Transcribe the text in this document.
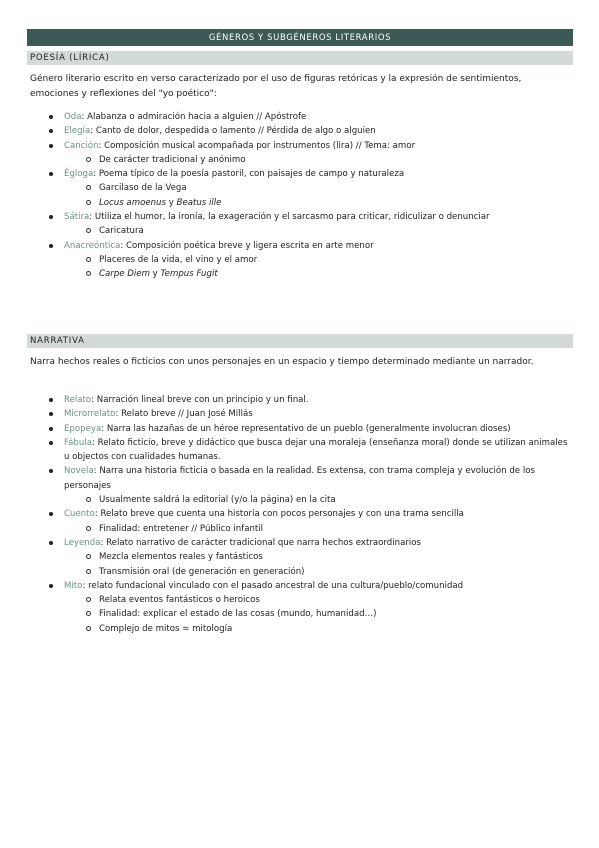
GÉNEROS Y SUBGÉNEROS LITERARIOS
POESÍA (LÍRICA)
Género literario escrito en verso caracterizado por el uso de figuras retóricas y la expresión de sentimientos, emociones y reflexiones del "yo poético":
Oda: Alabanza o admiración hacia a alguien // Apóstrofe
Elegía: Canto de dolor, despedida o lamento // Pérdida de algo o alguien
Canción: Composición musical acompañada por instrumentos (lira) // Tema: amor
De carácter tradicional y anónimo
Égloga: Poema típico de la poesía pastoril, con paisajes de campo y naturaleza
Garcilaso de la Vega
Locus amoenus y Beatus ille
Sátira: Utiliza el humor, la ironía, la exageración y el sarcasmo para criticar, ridiculizar o denunciar
Caricatura
Anacreóntica: Composición poética breve y ligera escrita en arte menor
Placeres de la vida, el vino y el amor
Carpe Diem y Tempus Fugit
NARRATIVA
Narra hechos reales o ficticios con unos personajes en un espacio y tiempo determinado mediante un narrador.
Relato: Narración lineal breve con un principio y un final.
Microrrelato: Relato breve // Juan José Millás
Epopeya: Narra las hazañas de un héroe representativo de un pueblo (generalmente involucran dioses)
Fábula: Relato ficticio, breve y didáctico que busca dejar una moraleja (enseñanza moral) donde se utilizan animales u objectos con cualidades humanas.
Novela: Narra una historia ficticia o basada en la realidad. Es extensa, con trama compleja y evolución de los personajes
Usualmente saldrá la editorial (y/o la página) en la cita
Cuento: Relato breve que cuenta una historia con pocos personajes y con una trama sencilla
Finalidad: entretener // Público infantil
Leyenda: Relato narrativo de carácter tradicional que narra hechos extraordinarios
Mezcla elementos reales y fantásticos
Transmisión oral (de generación en generación)
Mito: relato fundacional vinculado con el pasado ancestral de una cultura/pueblo/comunidad
Relata eventos fantásticos o heroicos
Finalidad: explicar el estado de las cosas (mundo, humanidad…)
Complejo de mitos = mitología
